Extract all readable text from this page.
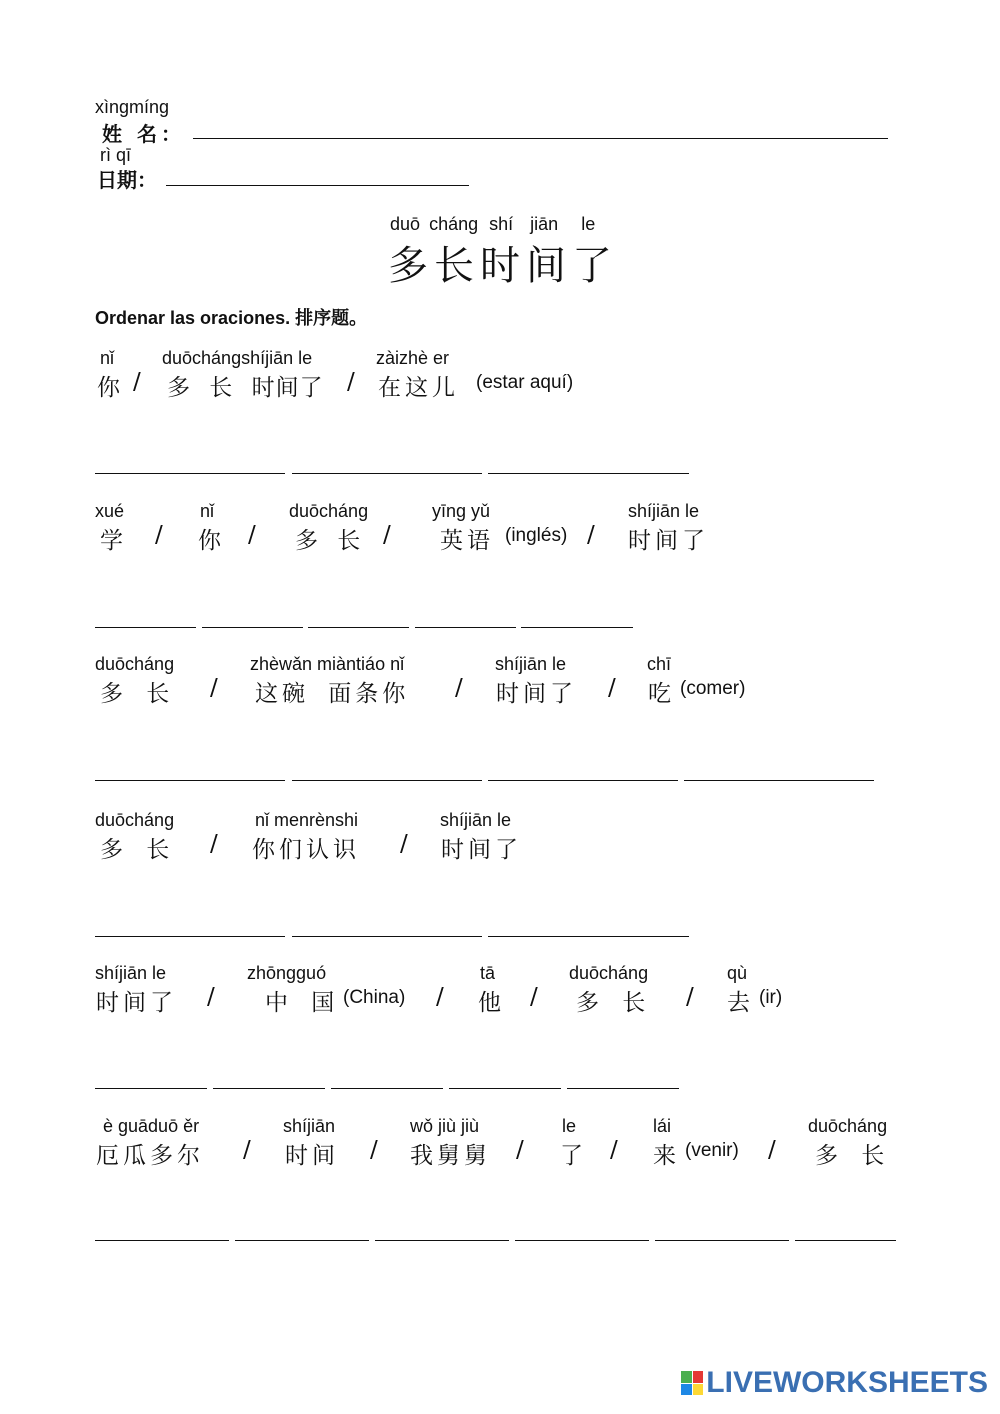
xìngmíng
姓 名：
rì qī
日期：
duō cháng shí jiān le
多长时间了
Ordenar las oraciones. 排序题。
nǐ	duōchángshíjiān le	zàizhè er
你 / 多 长 时间了 / 在这儿 (estar aquí)
xué	nǐ	duōcháng	yīng yǔ	shíjiān le
学 / 你 / 多 长 / 英语 (inglés) / 时间了
duōcháng	zhèwǎn miàntiáo nǐ	shíjiān le	chī
多 长 / 这碗 面条你 / 时间了 / 吃 (comer)
duōcháng	nǐ menrènshi	shíjiān le
多 长 / 你们认识 / 时间了
shíjiān le	zhōngguó	tā	duōcháng	qù
时间了 / 中 国 (China) / 他 / 多 长 / 去 (ir)
è guāduō ěr	shíjiān	wǒ jiù jiù	le	lái	duōcháng
厄瓜多尔 / 时间 / 我舅舅 / 了 / 来 (venir) / 多 长
LIVEWORKSHEETS
